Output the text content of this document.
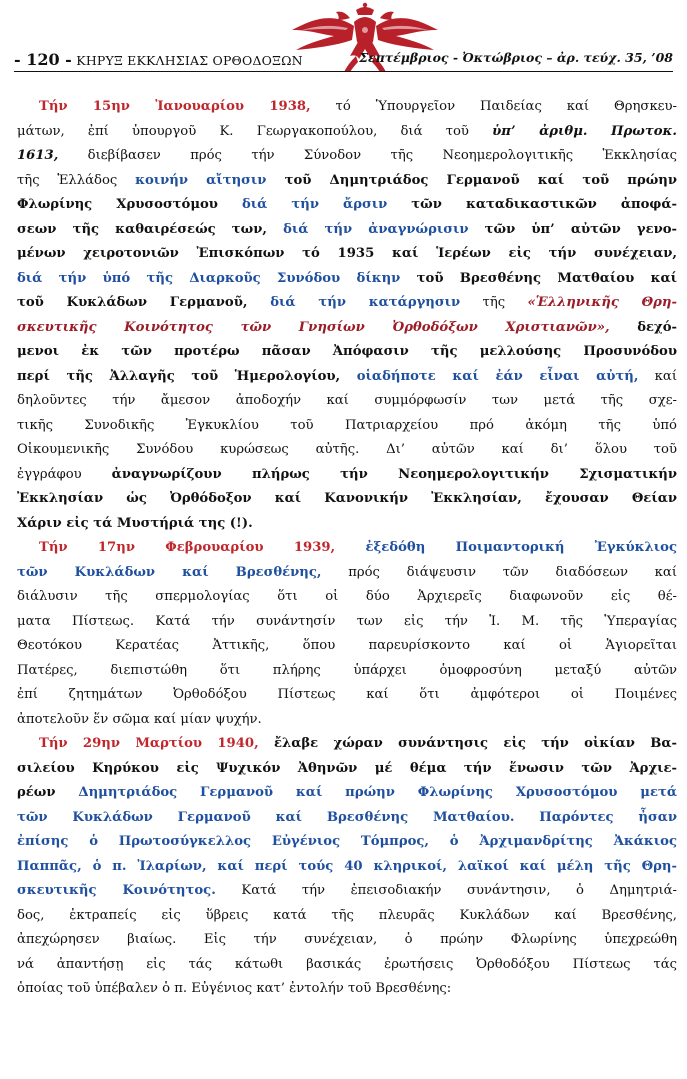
- 120 - ΚΗΡΥΞ ΕΚΚΛΗΣΙΑΣ ΟΡΘΟΔΟΞΩΝ	Σεπτέμβριος - Ὀκτώβριος – ἀρ. τεύχ. 35, ’08
Τήν 15ην Ἰανουαρίου 1938, τό Ὑπουργεῖον Παιδείας καί Θρησκευ-
μάτων, ἐπί ὑπουργοῦ Κ. Γεωργακοπούλου, διά τοῦ ὑπ’ ἀριθμ. Πρωτοκ.
1613, διεβίβασεν πρός τήν Σύνοδον τῆς Νεοημερολογιτικῆς Ἐκκλησίας
τῆς Ἑλλάδος κοινήν αἴτησιν τοῦ Δημητριάδος Γερμανοῦ καί τοῦ πρώην
Φλωρίνης Χρυσοστόμου διά τήν ἄρσιν τῶν καταδικαστικῶν ἀποφά-
σεων τῆς καθαιρέσεώς των, διά τήν ἀναγνώρισιν τῶν ὑπ’ αὐτῶν γενο-
μένων χειροτονιῶν Ἐπισκόπων τό 1935 καί Ἱερέων εἰς τήν συνέχειαν,
διά τήν ὑπό τῆς Διαρκοῦς Συνόδου δίκην τοῦ Βρεσθένης Ματθαίου καί
τοῦ Κυκλάδων Γερμανοῦ, διά τήν κατάργησιν τῆς «Ἑλληνικῆς Θρη-
σκευτικῆς Κοινότητος τῶν Γνησίων Ὀρθοδόξων Χριστιανῶν», δεχό-
μενοι ἐκ τῶν προτέρω πᾶσαν Ἀπόφασιν τῆς μελλούσης Προσυνόδου
περί τῆς Ἀλλαγῆς τοῦ Ἡμερολογίου, οἱαδήποτε καί ἐάν εἶναι αὐτή, καί
δηλοῦντες τήν ἄμεσον ἀποδοχήν καί συμμόρφωσίν των μετά τῆς σχε-
τικῆς Συνοδικῆς Ἐγκυκλίου τοῦ Πατριαρχείου πρό ἀκόμη τῆς ὑπό
Οἰκουμενικῆς Συνόδου κυρώσεως αὐτῆς. Δι’ αὐτῶν καί δι’ ὅλου τοῦ
ἐγγράφου ἀναγνωρίζουν πλήρως τήν Νεοημερολογιτικήν Σχισματικήν
Ἐκκλησίαν ὡς Ὀρθόδοξον καί Κανονικήν Ἐκκλησίαν, ἔχουσαν Θείαν
Χάριν εἰς τά Μυστήριά της (!).
Τήν 17ην Φεβρουαρίου 1939, ἐξεδόθη Ποιμαντορική Ἐγκύκλιος
τῶν Κυκλάδων καί Βρεσθένης, πρός διάψευσιν τῶν διαδόσεων καί
διάλυσιν τῆς σπερμολογίας ὅτι οἱ δύο Ἀρχιερεῖς διαφωνοῦν εἰς θέ-
ματα Πίστεως. Κατά τήν συνάντησίν των εἰς τήν Ἱ. Μ. τῆς Ὑπεραγίας
Θεοτόκου Κερατέας Ἀττικῆς, ὅπου παρευρίσκοντο καί οἱ Ἁγιορεῖται
Πατέρες, διεπιστώθη ὅτι πλήρης ὑπάρχει ὁμοφροσύνη μεταξύ αὐτῶν
ἐπί ζητημάτων Ὀρθοδόξου Πίστεως καί ὅτι ἀμφότεροι οἱ Ποιμένες
ἀποτελοῦν ἕν σῶμα καί μίαν ψυχήν.
Τήν 29ην Μαρτίου 1940, ἔλαβε χώραν συνάντησις εἰς τήν οἰκίαν Βα-
σιλείου Κηρύκου εἰς Ψυχικόν Ἀθηνῶν μέ θέμα τήν ἕνωσιν τῶν Ἀρχιε-
ρέων Δημητριάδος Γερμανοῦ καί πρώην Φλωρίνης Χρυσοστόμου μετά
τῶν Κυκλάδων Γερμανοῦ καί Βρεσθένης Ματθαίου. Παρόντες ἦσαν
ἐπίσης ὁ Πρωτοσύγκελλος Εὐγένιος Τόμπρος, ὁ Ἀρχιμανδρίτης Ἀκάκιος
Παππᾶς, ὁ π. Ἰλαρίων, καί περί τούς 40 κληρικοί, λαϊκοί καί μέλη τῆς Θρη-
σκευτικῆς Κοινότητος. Κατά τήν ἐπεισοδιακήν συνάντησιν, ὁ Δημητριά-
δος, ἐκτραπείς εἰς ὕβρεις κατά τῆς πλευρᾶς Κυκλάδων καί Βρεσθένης,
ἀπεχώρησεν βιαίως. Εἰς τήν συνέχειαν, ὁ πρώην Φλωρίνης ὑπεχρεώθη
νά ἀπαντήσῃ εἰς τάς κάτωθι βασικάς ἐρωτήσεις Ὀρθοδόξου Πίστεως τάς
ὁποίας τοῦ ὑπέβαλεν ὁ π. Εὐγένιος κατ’ ἐντολήν τοῦ Βρεσθένης:
